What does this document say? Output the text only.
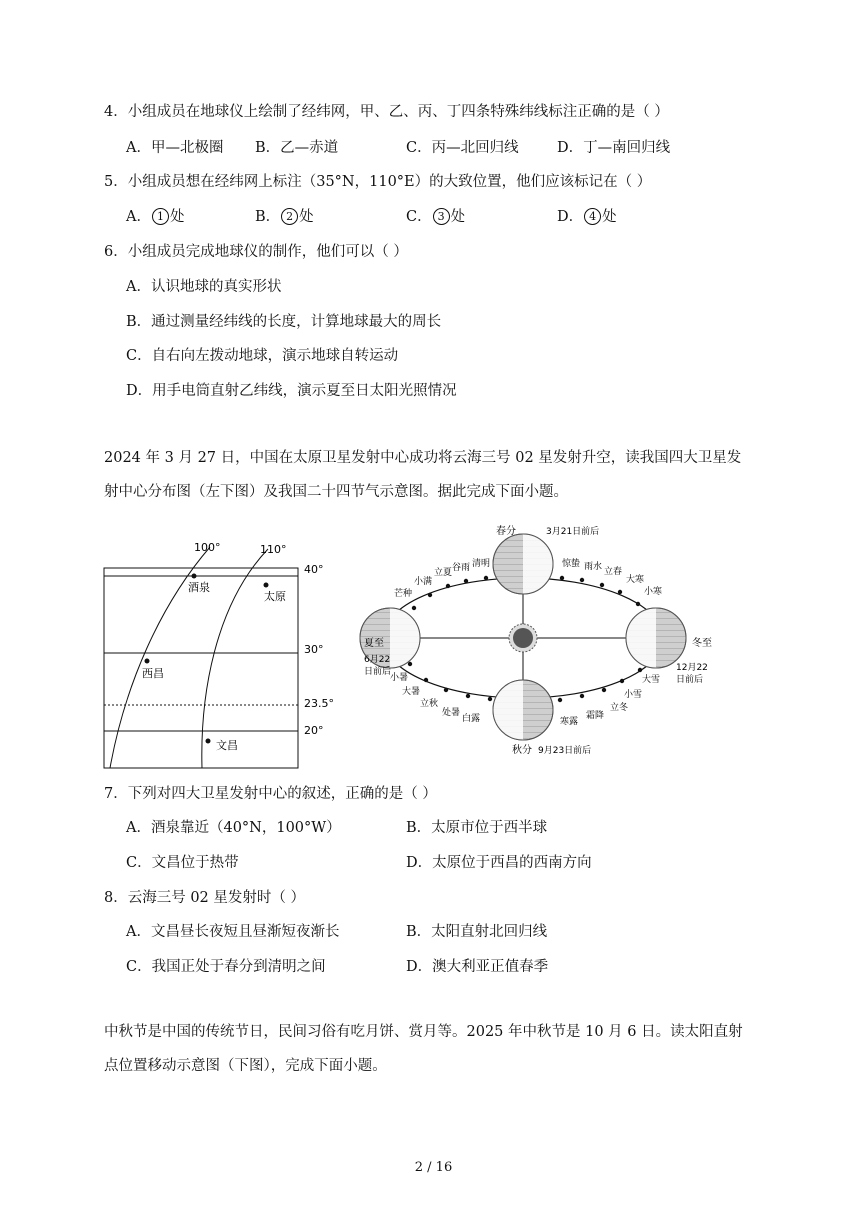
4．小组成员在地球仪上绘制了经纬网，甲、乙、丙、丁四条特殊纬线标注正确的是（ ）
A．甲—北极圈 B．乙—赤道	C．丙—北回归线	D．丁—南回归线
5．小组成员想在经纬网上标注（35°N，110°E）的大致位置，他们应该标记在（ ）
A． 1 处	B． 2 处	C． 3 处	D． 4 处
6．小组成员完成地球仪的制作，他们可以（ ）
A．认识地球的真实形状
B．通过测量经纬线的长度，计算地球最大的周长
C．自右向左拨动地球，演示地球自转运动
D．用手电筒直射乙纬线，演示夏至日太阳光照情况
2024 年 3 月 27 日，中国在太原卫星发射中心成功将云海三号 02 星发射升空，读我国四大卫星发
射中心分布图（左下图）及我国二十四节气示意图。据此完成下面小题。
100°	110°
40°
30°
23.5°
20°
酒泉
太原
西昌
文昌
春分	3月21日前后
夏至
6月22
日前后
秋分 9月23日前后
冬至
12月22
日前后
芒种
小满
立夏 谷雨 清明	惊蛰 雨水 立春
大寒
小寒
小暑
大暑
立秋
处暑
白露	寒露
霜降
立冬
小雪
大雪
7．下列对四大卫星发射中心的叙述，正确的是（ ）
A．酒泉靠近（40°N，100°W）	B．太原市位于西半球
C．文昌位于热带	D．太原位于西昌的西南方向
8．云海三号 02 星发射时（ ）
A．文昌昼长夜短且昼渐短夜渐长	B．太阳直射北回归线
C．我国正处于春分到清明之间	D．澳大利亚正值春季
中秋节是中国的传统节日，民间习俗有吃月饼、赏月等。2025 年中秋节是 10 月 6 日。读太阳直射
点位置移动示意图（下图），完成下面小题。
2 / 16
